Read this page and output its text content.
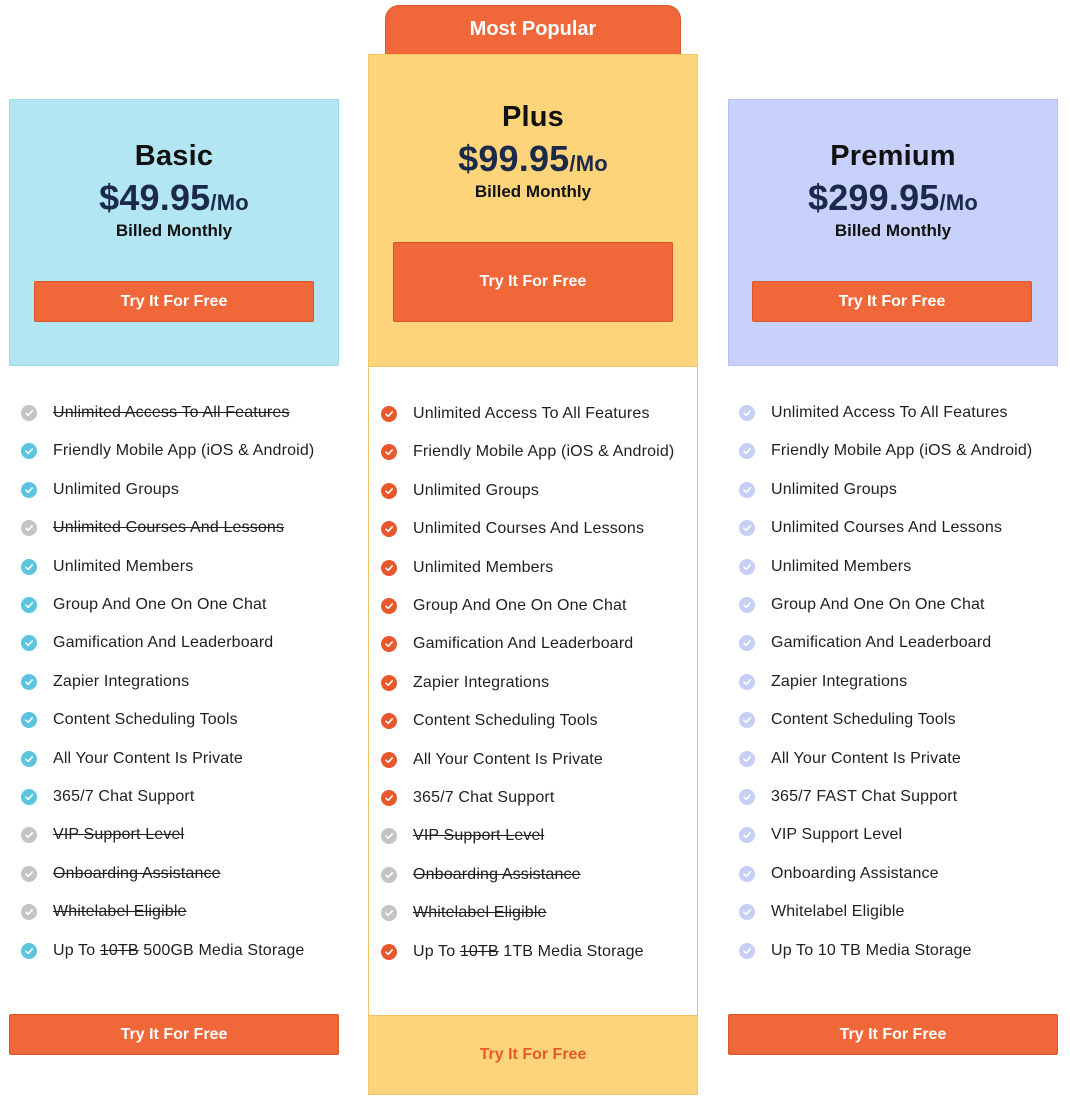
Most Popular
Basic
$49.95/Mo
Billed Monthly
Try It For Free
Unlimited Access To All Features
Friendly Mobile App (iOS & Android)
Unlimited Groups
Unlimited Courses And Lessons
Unlimited Members
Group And One On One Chat
Gamification And Leaderboard
Zapier Integrations
Content Scheduling Tools
All Your Content Is Private
365/7 Chat Support
VIP Support Level
Onboarding Assistance
Whitelabel Eligible
Up To 10TB 500GB Media Storage
Try It For Free
Plus
$99.95/Mo
Billed Monthly
Try It For Free
Unlimited Access To All Features
Friendly Mobile App (iOS & Android)
Unlimited Groups
Unlimited Courses And Lessons
Unlimited Members
Group And One On One Chat
Gamification And Leaderboard
Zapier Integrations
Content Scheduling Tools
All Your Content Is Private
365/7 Chat Support
VIP Support Level
Onboarding Assistance
Whitelabel Eligible
Up To 10TB 1TB Media Storage
Try It For Free
Premium
$299.95/Mo
Billed Monthly
Try It For Free
Unlimited Access To All Features
Friendly Mobile App (iOS & Android)
Unlimited Groups
Unlimited Courses And Lessons
Unlimited Members
Group And One On One Chat
Gamification And Leaderboard
Zapier Integrations
Content Scheduling Tools
All Your Content Is Private
365/7 FAST Chat Support
VIP Support Level
Onboarding Assistance
Whitelabel Eligible
Up To 10 TB Media Storage
Try It For Free
